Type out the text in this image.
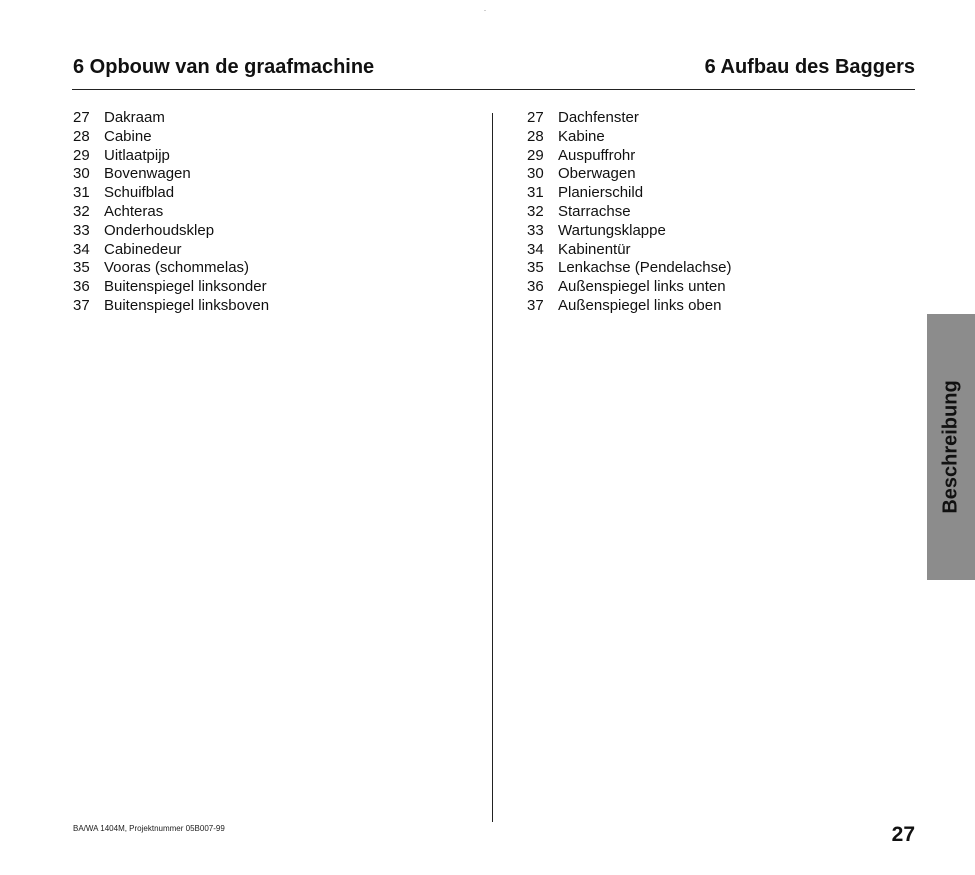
6 Opbouw van de graafmachine	6 Aufbau des Baggers
27 Dakraam
28 Cabine
29 Uitlaatpijp
30 Bovenwagen
31 Schuifblad
32 Achteras
33 Onderhoudsklep
34 Cabinedeur
35 Vooras (schommelas)
36 Buitenspiegel linksonder
37 Buitenspiegel linksboven
27 Dachfenster
28 Kabine
29 Auspuffrohr
30 Oberwagen
31 Planierschild
32 Starrachse
33 Wartungsklappe
34 Kabinentür
35 Lenkachse (Pendelachse)
36 Außenspiegel links unten
37 Außenspiegel links oben
Beschreibung
BA/WA 1404M, Projektnummer 05B007-99	27
